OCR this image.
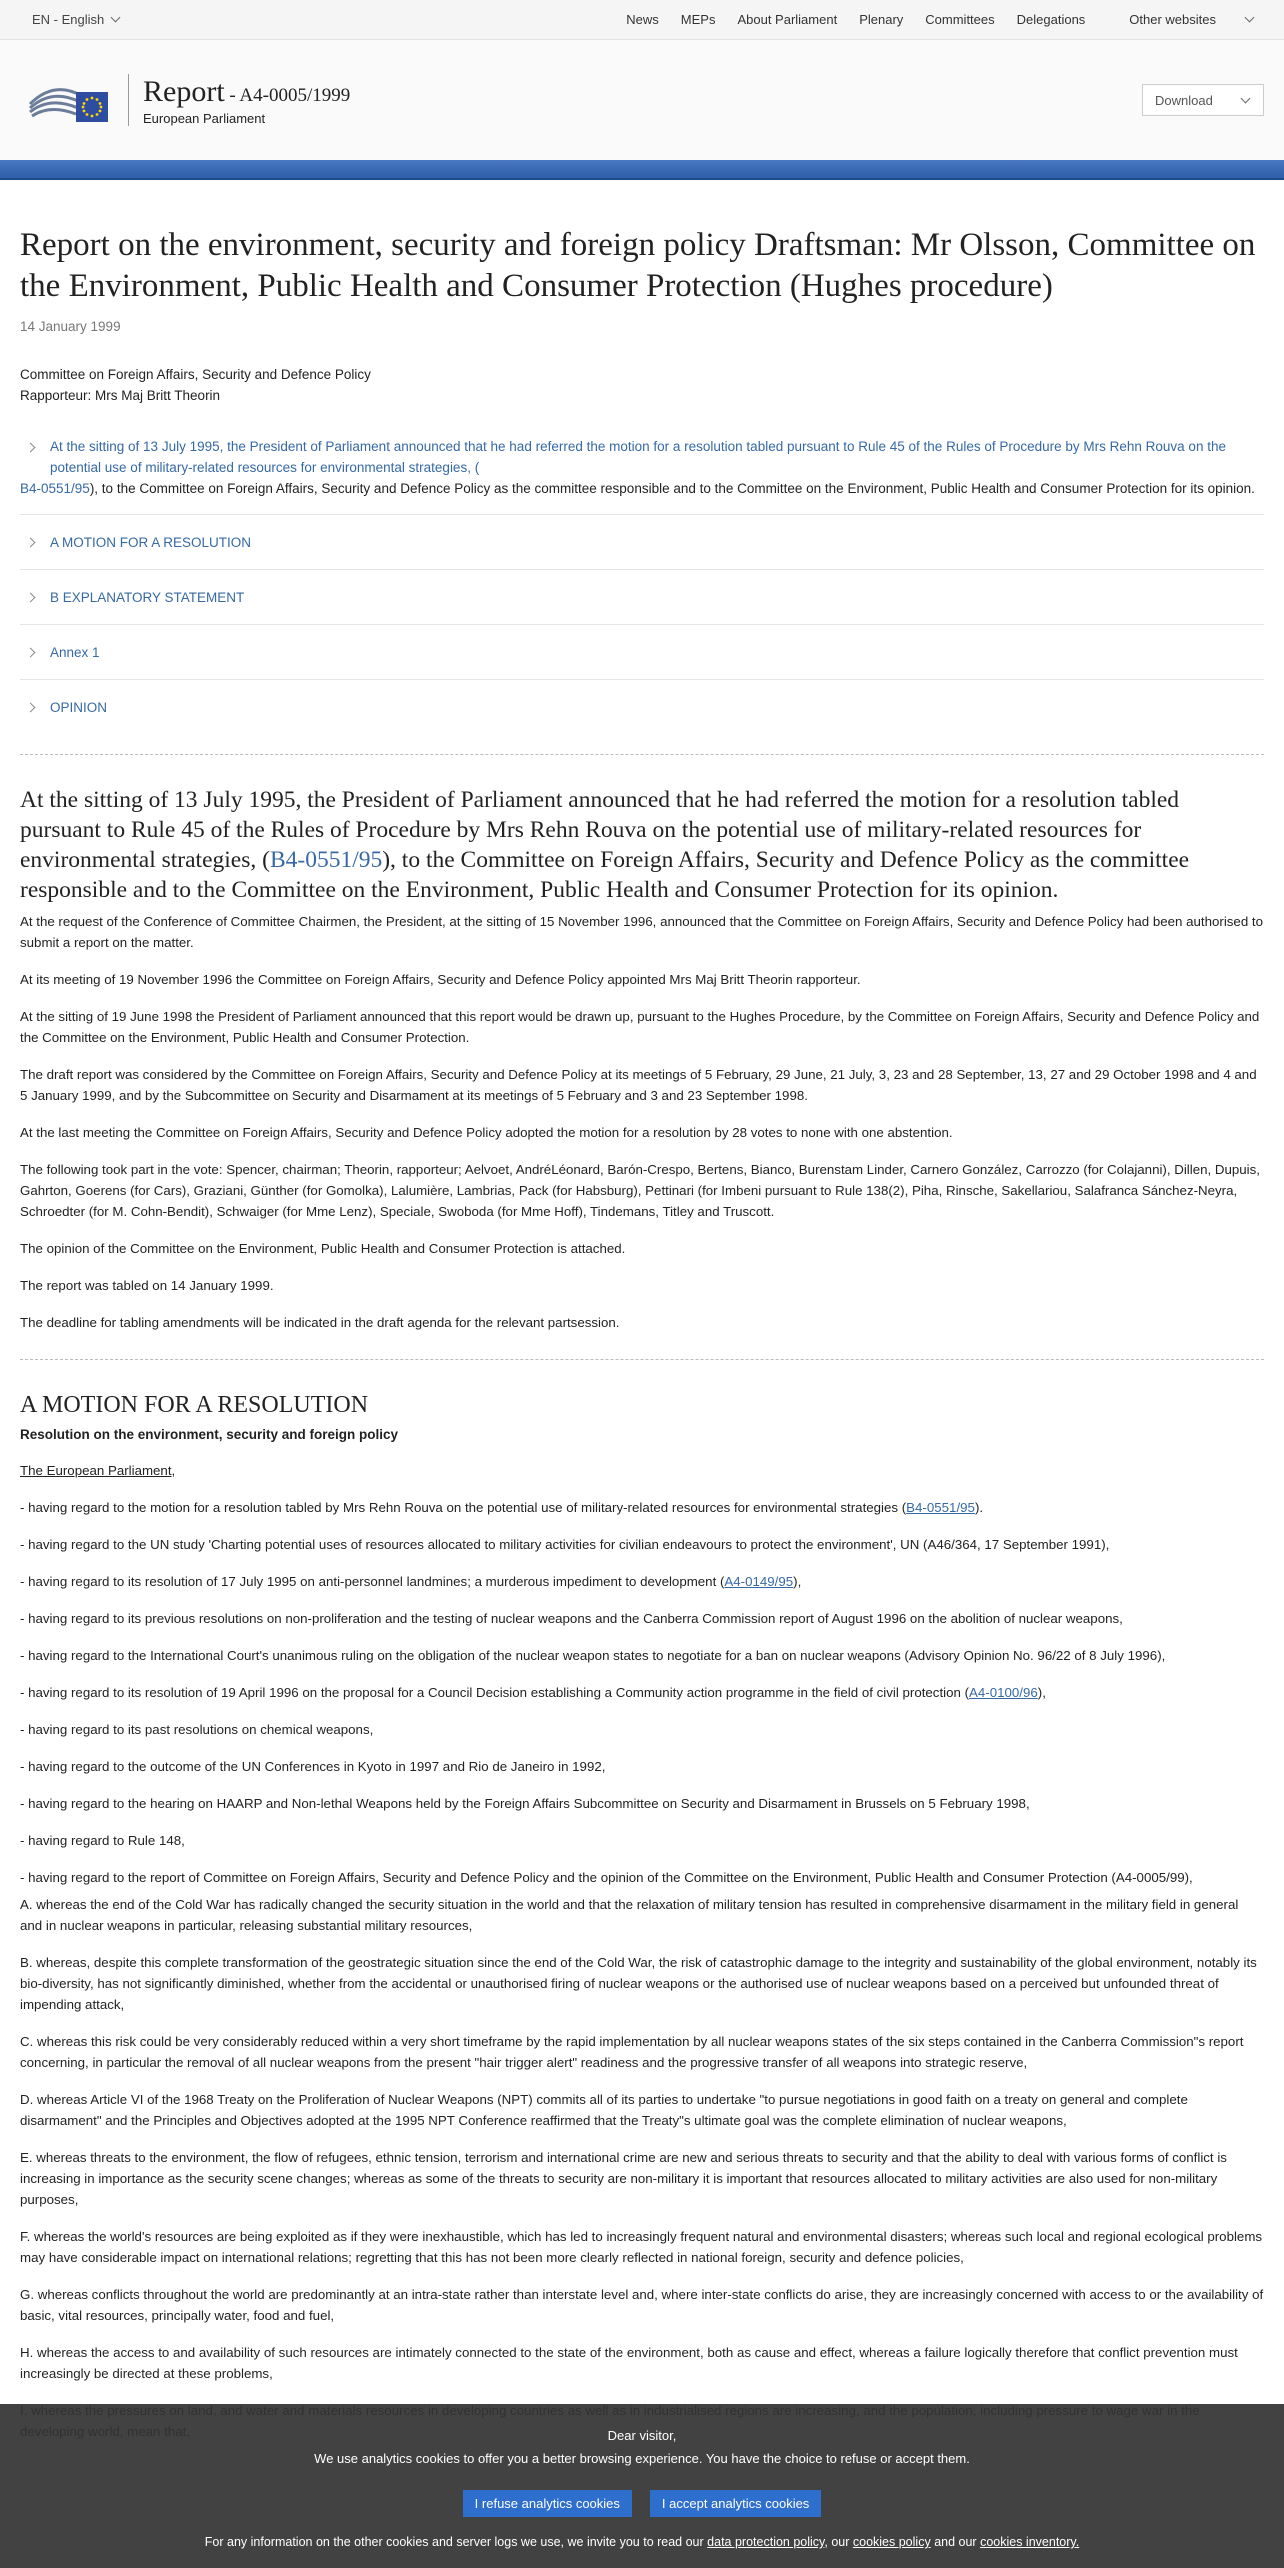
EN - English	News MEPs About Parliament Plenary Committees Delegations	Other websites
Report - A4-0005/1999
European Parliament
Download
Report on the environment, security and foreign policy Draftsman: Mr Olsson, Committee on the Environment, Public Health and Consumer Protection (Hughes procedure)
14 January 1999
Committee on Foreign Affairs, Security and Defence Policy
Rapporteur: Mrs Maj Britt Theorin
At the sitting of 13 July 1995, the President of Parliament announced that he had referred the motion for a resolution tabled pursuant to Rule 45 of the Rules of Procedure by Mrs Rehn Rouva on the potential use of military-related resources for environmental strategies, (
B4-0551/95), to the Committee on Foreign Affairs, Security and Defence Policy as the committee responsible and to the Committee on the Environment, Public Health and Consumer Protection for its opinion.
A MOTION FOR A RESOLUTION
B EXPLANATORY STATEMENT
Annex 1
OPINION
At the sitting of 13 July 1995, the President of Parliament announced that he had referred the motion for a resolution tabled pursuant to Rule 45 of the Rules of Procedure by Mrs Rehn Rouva on the potential use of military-related resources for environmental strategies, (B4-0551/95), to the Committee on Foreign Affairs, Security and Defence Policy as the committee responsible and to the Committee on the Environment, Public Health and Consumer Protection for its opinion.

At the request of the Conference of Committee Chairmen, the President, at the sitting of 15 November 1996, announced that the Committee on Foreign Affairs, Security and Defence Policy had been authorised to submit a report on the matter.

At its meeting of 19 November 1996 the Committee on Foreign Affairs, Security and Defence Policy appointed Mrs Maj Britt Theorin rapporteur.

At the sitting of 19 June 1998 the President of Parliament announced that this report would be drawn up, pursuant to the Hughes Procedure, by the Committee on Foreign Affairs, Security and Defence Policy and the Committee on the Environment, Public Health and Consumer Protection.

The draft report was considered by the Committee on Foreign Affairs, Security and Defence Policy at its meetings of 5 February, 29 June, 21 July, 3, 23 and 28 September, 13, 27 and 29 October 1998 and 4 and 5 January 1999, and by the Subcommittee on Security and Disarmament at its meetings of 5 February and 3 and 23 September 1998.

At the last meeting the Committee on Foreign Affairs, Security and Defence Policy adopted the motion for a resolution by 28 votes to none with one abstention.

The following took part in the vote: Spencer, chairman; Theorin, rapporteur; Aelvoet, AndréLéonard, Barón-Crespo, Bertens, Bianco, Burenstam Linder, Carnero González, Carrozzo (for Colajanni), Dillen, Dupuis, Gahrton, Goerens (for Cars), Graziani, Günther (for Gomolka), Lalumière, Lambrias, Pack (for Habsburg), Pettinari (for Imbeni pursuant to Rule 138(2), Piha, Rinsche, Sakellariou, Salafranca Sánchez-Neyra, Schroedter (for M. Cohn-Bendit), Schwaiger (for Mme Lenz), Speciale, Swoboda (for Mme Hoff), Tindemans, Titley and Truscott.

The opinion of the Committee on the Environment, Public Health and Consumer Protection is attached.

The report was tabled on 14 January 1999.

The deadline for tabling amendments will be indicated in the draft agenda for the relevant partsession.

A MOTION FOR A RESOLUTION
Resolution on the environment, security and foreign policy

The European Parliament,

- having regard to the motion for a resolution tabled by Mrs Rehn Rouva on the potential use of military-related resources for environmental strategies (B4-0551/95).

- having regard to the UN study 'Charting potential uses of resources allocated to military activities for civilian endeavours to protect the environment', UN (A46/364, 17 September 1991),

- having regard to its resolution of 17 July 1995 on anti-personnel landmines; a murderous impediment to development (A4-0149/95),

- having regard to its previous resolutions on non-proliferation and the testing of nuclear weapons and the Canberra Commission report of August 1996 on the abolition of nuclear weapons,

- having regard to the International Court's unanimous ruling on the obligation of the nuclear weapon states to negotiate for a ban on nuclear weapons (Advisory Opinion No. 96/22 of 8 July 1996),

- having regard to its resolution of 19 April 1996 on the proposal for a Council Decision establishing a Community action programme in the field of civil protection (A4-0100/96),

- having regard to its past resolutions on chemical weapons,

- having regard to the outcome of the UN Conferences in Kyoto in 1997 and Rio de Janeiro in 1992,

- having regard to the hearing on HAARP and Non-lethal Weapons held by the Foreign Affairs Subcommittee on Security and Disarmament in Brussels on 5 February 1998,

- having regard to Rule 148,

- having regard to the report of Committee on Foreign Affairs, Security and Defence Policy and the opinion of the Committee on the Environment, Public Health and Consumer Protection (A4-0005/99),

A. whereas the end of the Cold War has radically changed the security situation in the world and that the relaxation of military tension has resulted in comprehensive disarmament in the military field in general and in nuclear weapons in particular, releasing substantial military resources,

B. whereas, despite this complete transformation of the geostrategic situation since the end of the Cold War, the risk of catastrophic damage to the integrity and sustainability of the global environment, notably its bio-diversity, has not significantly diminished, whether from the accidental or unauthorised firing of nuclear weapons or the authorised use of nuclear weapons based on a perceived but unfounded threat of impending attack,

C. whereas this risk could be very considerably reduced within a very short timeframe by the rapid implementation by all nuclear weapons states of the six steps contained in the Canberra Commission"s report concerning, in particular the removal of all nuclear weapons from the present "hair trigger alert" readiness and the progressive transfer of all weapons into strategic reserve,

D. whereas Article VI of the 1968 Treaty on the Proliferation of Nuclear Weapons (NPT) commits all of its parties to undertake "to pursue negotiations in good faith on a treaty on general and complete disarmament" and the Principles and Objectives adopted at the 1995 NPT Conference reaffirmed that the Treaty"s ultimate goal was the complete elimination of nuclear weapons,

E. whereas threats to the environment, the flow of refugees, ethnic tension, terrorism and international crime are new and serious threats to security and that the ability to deal with various forms of conflict is increasing in importance as the security scene changes; whereas as some of the threats to security are non-military it is important that resources allocated to military activities are also used for non-military purposes,

F. whereas the world's resources are being exploited as if they were inexhaustible, which has led to increasingly frequent natural and environmental disasters; whereas such local and regional ecological problems may have considerable impact on international relations; regretting that this has not been more clearly reflected in national foreign, security and defence policies,

G. whereas conflicts throughout the world are predominantly at an intra-state rather than interstate level and, where inter-state conflicts do arise, they are increasingly concerned with access to or the availability of basic, vital resources, principally water, food and fuel,

H. whereas the access to and availability of such resources are intimately connected to the state of the environment, both as cause and effect, whereas a failure logically therefore that conflict prevention must increasingly be directed at these problems,

Dear visitor,
We use analytics cookies to offer you a better browsing experience. You have the choice to refuse or accept them.
I refuse analytics cookies	I accept analytics cookies
For any information on the other cookies and server logs we use, we invite you to read our data protection policy, our cookies policy and our cookies inventory.
